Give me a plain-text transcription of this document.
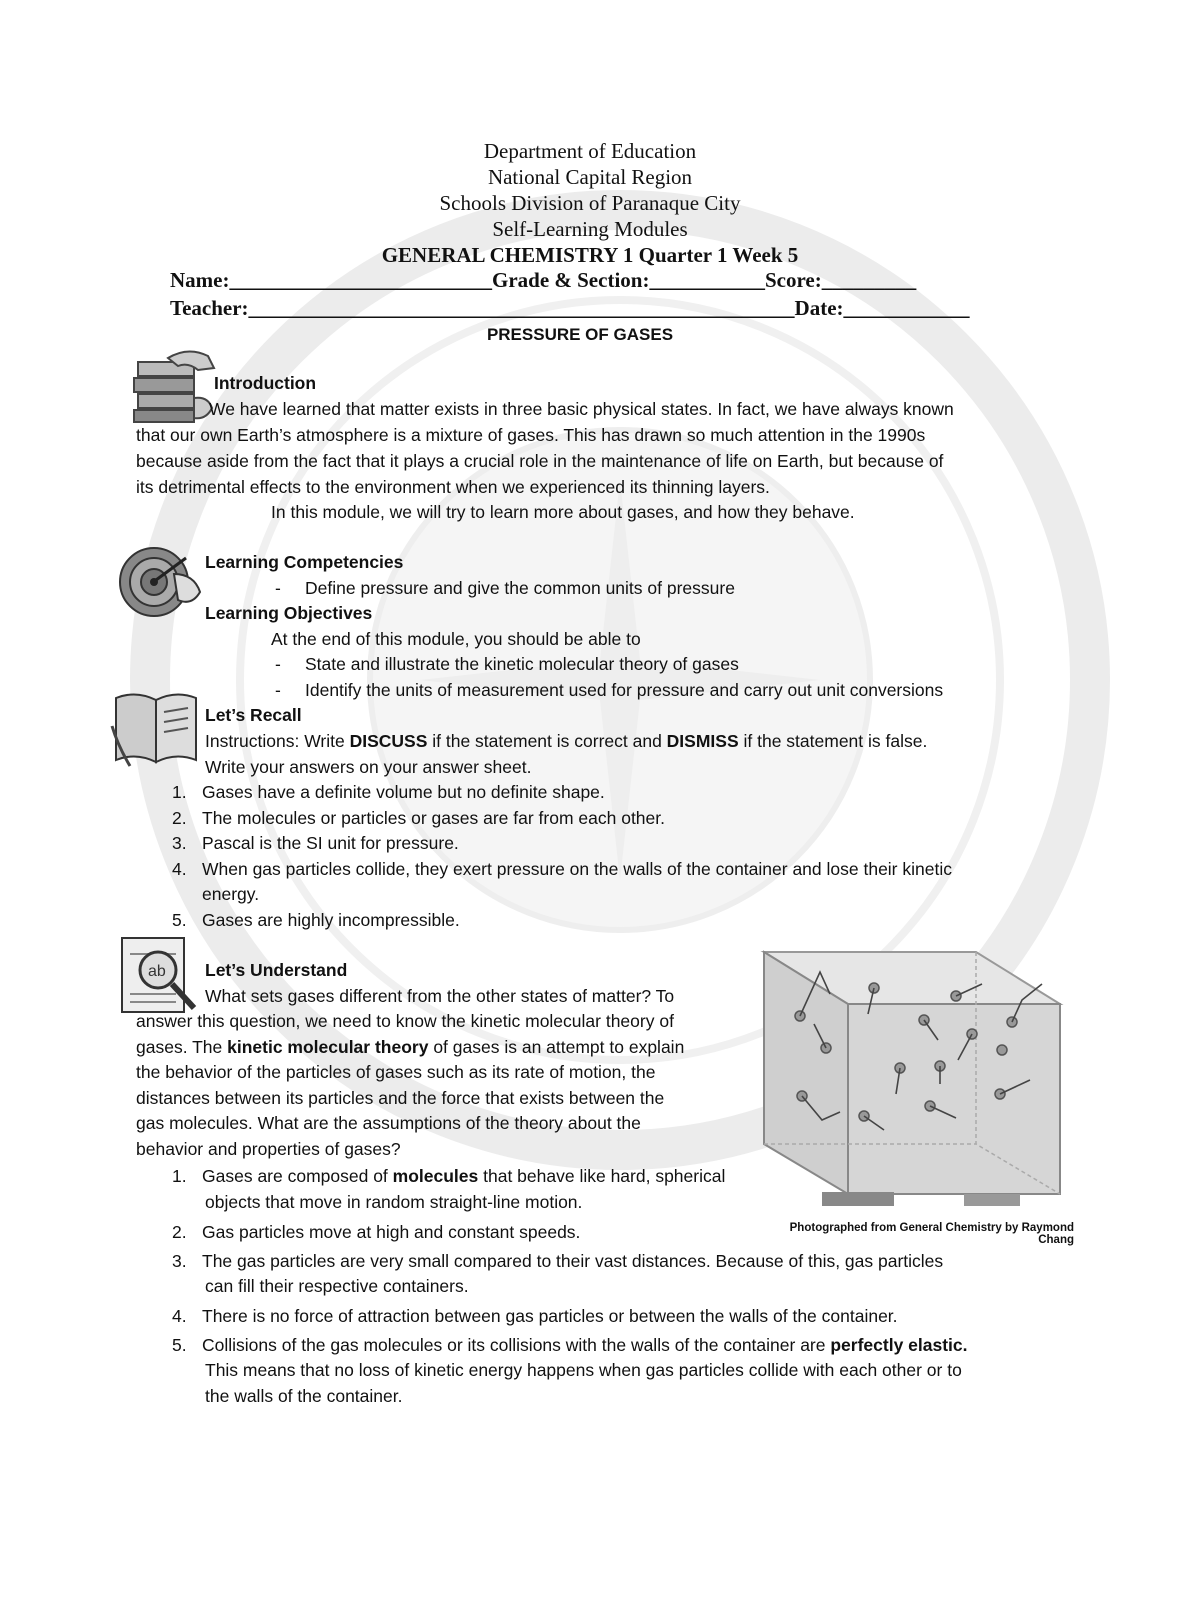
Department of Education
National Capital Region
Schools Division of Paranaque City
Self-Learning Modules
GENERAL CHEMISTRY 1 Quarter 1 Week 5
Name:_________________________Grade & Section:___________Score:_________
Teacher:____________________________________________________Date:____________
PRESSURE OF GASES
Introduction
We have learned that matter exists in three basic physical states. In fact, we have always known
that our own Earth’s atmosphere is a mixture of gases. This has drawn so much attention in the 1990s
because aside from the fact that it plays a crucial role in the maintenance of life on Earth, but because of
its detrimental effects to the environment when we experienced its thinning layers.
In this module, we will try to learn more about gases, and how they behave.
Learning Competencies
- Define pressure and give the common units of pressure
Learning Objectives
At the end of this module, you should be able to
- State and illustrate the kinetic molecular theory of gases
- Identify the units of measurement used for pressure and carry out unit conversions
Let’s Recall
Instructions: Write DISCUSS if the statement is correct and DISMISS if the statement is false.
Write your answers on your answer sheet.
1. Gases have a definite volume but no definite shape.
2. The molecules or particles or gases are far from each other.
3. Pascal is the SI unit for pressure.
4. When gas particles collide, they exert pressure on the walls of the container and lose their kinetic
energy.
5. Gases are highly incompressible.
ab Let’s Understand
What sets gases different from the other states of matter? To
answer this question, we need to know the kinetic molecular theory of
gases. The kinetic molecular theory of gases is an attempt to explain
the behavior of the particles of gases such as its rate of motion, the
distances between its particles and the force that exists between the
gas molecules. What are the assumptions of the theory about the
behavior and properties of gases?
Photographed from General Chemistry by Raymond Chang
1. Gases are composed of molecules that behave like hard, spherical
objects that move in random straight-line motion.
2. Gas particles move at high and constant speeds.
3. The gas particles are very small compared to their vast distances. Because of this, gas particles
can fill their respective containers.
4. There is no force of attraction between gas particles or between the walls of the container.
5. Collisions of the gas molecules or its collisions with the walls of the container are perfectly elastic.
This means that no loss of kinetic energy happens when gas particles collide with each other or to
the walls of the container.
